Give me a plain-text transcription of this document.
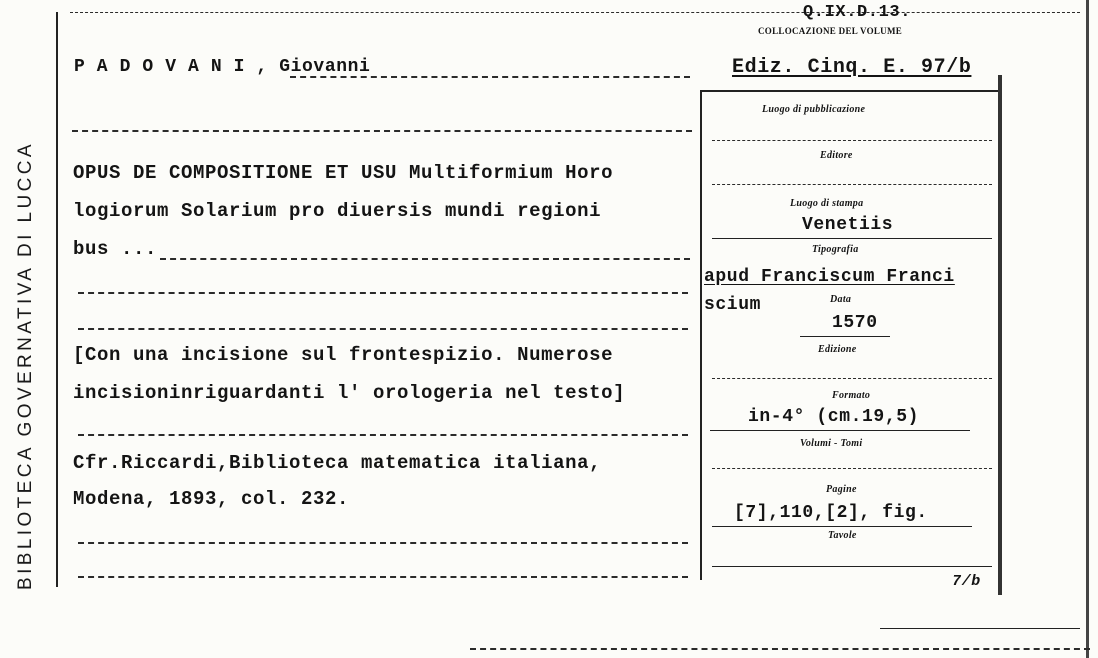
BIBLIOTECA GOVERNATIVA DI LUCCA
Q.IX.D.13.
COLLOCAZIONE DEL VOLUME
P A D O V A N I , Giovanni	Ediz. Cinq. E. 97/b
OPUS DE COMPOSITIONE ET USU Multiformium Horo
logiorum Solarium pro diuersis mundi regioni
bus ...
[Con una incisione sul frontespizio. Numerose
incisioninriguardanti l' orologeria nel testo]
Cfr.Riccardi,Biblioteca matematica italiana,
Modena, 1893, col. 232.
Luogo di pubblicazione
Editore
Luogo di stampa
Venetiis
Tipografia
apud Franciscum Franci
scium	Data
1570
Edizione
Formato
in-4° (cm.19,5)
Volumi - Tomi
Pagine
[7],110,[2], fig.
Tavole
7/b
